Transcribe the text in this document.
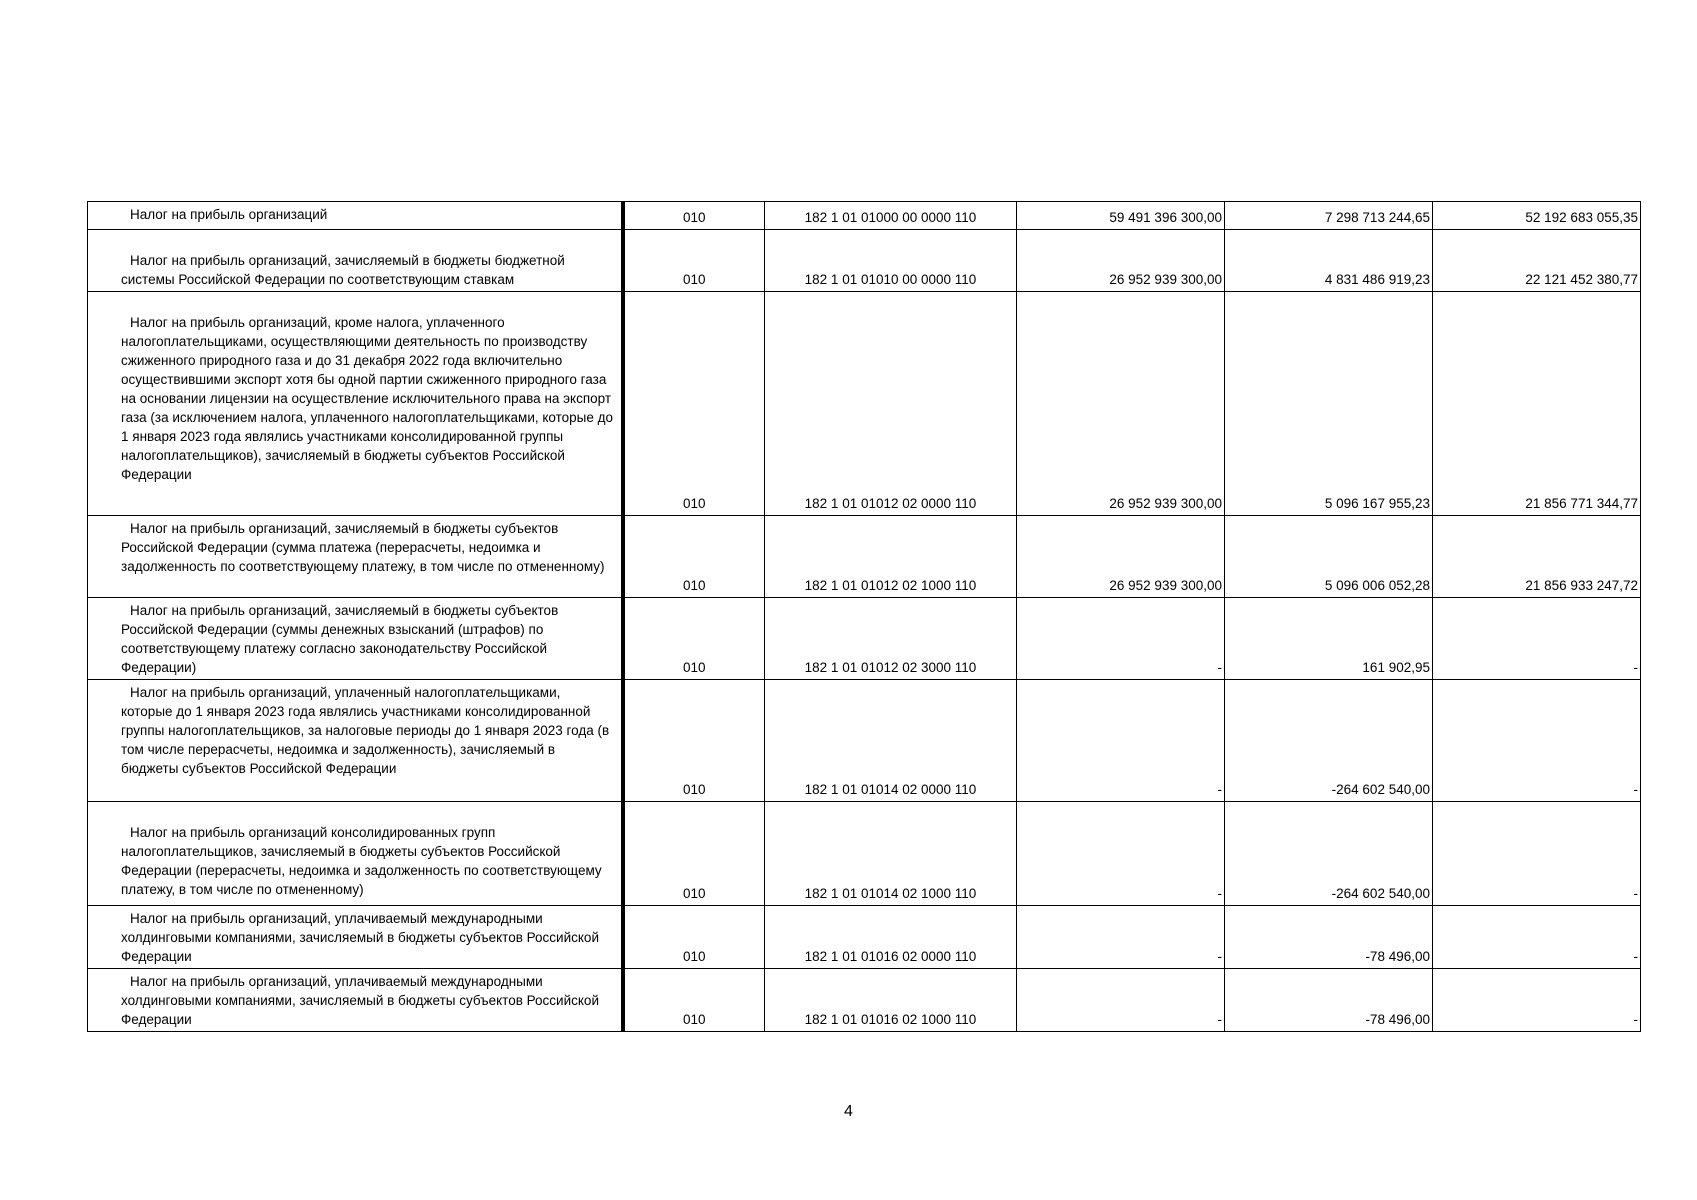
Налог на прибыль организаций	010	182 1 01 01000 00 0000 110	59 491 396 300,00	7 298 713 244,65	52 192 683 055,35
Налог на прибыль организаций, зачисляемый в бюджеты бюджетной системы Российской Федерации по соответствующим ставкам	010	182 1 01 01010 00 0000 110	26 952 939 300,00	4 831 486 919,23	22 121 452 380,77
Налог на прибыль организаций, кроме налога, уплаченного налогоплательщиками, осуществляющими деятельность по производству сжиженного природного газа и до 31 декабря 2022 года включительно осуществившими экспорт хотя бы одной партии сжиженного природного газа на основании лицензии на осуществление исключительного права на экспорт газа (за исключением налога, уплаченного налогоплательщиками, которые до 1 января 2023 года являлись участниками консолидированной группы налогоплательщиков), зачисляемый в бюджеты субъектов Российской Федерации	010	182 1 01 01012 02 0000 110	26 952 939 300,00	5 096 167 955,23	21 856 771 344,77
Налог на прибыль организаций, зачисляемый в бюджеты субъектов Российской Федерации (сумма платежа (перерасчеты, недоимка и задолженность по соответствующему платежу, в том числе по отмененному)	010	182 1 01 01012 02 1000 110	26 952 939 300,00	5 096 006 052,28	21 856 933 247,72
Налог на прибыль организаций, зачисляемый в бюджеты субъектов Российской Федерации (суммы денежных взысканий (штрафов) по соответствующему платежу согласно законодательству Российской Федерации)	010	182 1 01 01012 02 3000 110	-	161 902,95	-
Налог на прибыль организаций, уплаченный налогоплательщиками, которые до 1 января 2023 года являлись участниками консолидированной группы налогоплательщиков, за налоговые периоды до 1 января 2023 года (в том числе перерасчеты, недоимка и задолженность), зачисляемый в бюджеты субъектов Российской Федерации	010	182 1 01 01014 02 0000 110	-	-264 602 540,00	-
Налог на прибыль организаций консолидированных групп налогоплательщиков, зачисляемый в бюджеты субъектов Российской Федерации (перерасчеты, недоимка и задолженность по соответствующему платежу, в том числе по отмененному)	010	182 1 01 01014 02 1000 110	-	-264 602 540,00	-
Налог на прибыль организаций, уплачиваемый международными холдинговыми компаниями, зачисляемый в бюджеты субъектов Российской Федерации	010	182 1 01 01016 02 0000 110	-	-78 496,00	-
Налог на прибыль организаций, уплачиваемый международными холдинговыми компаниями, зачисляемый в бюджеты субъектов Российской Федерации	010	182 1 01 01016 02 1000 110	-	-78 496,00	-
4
